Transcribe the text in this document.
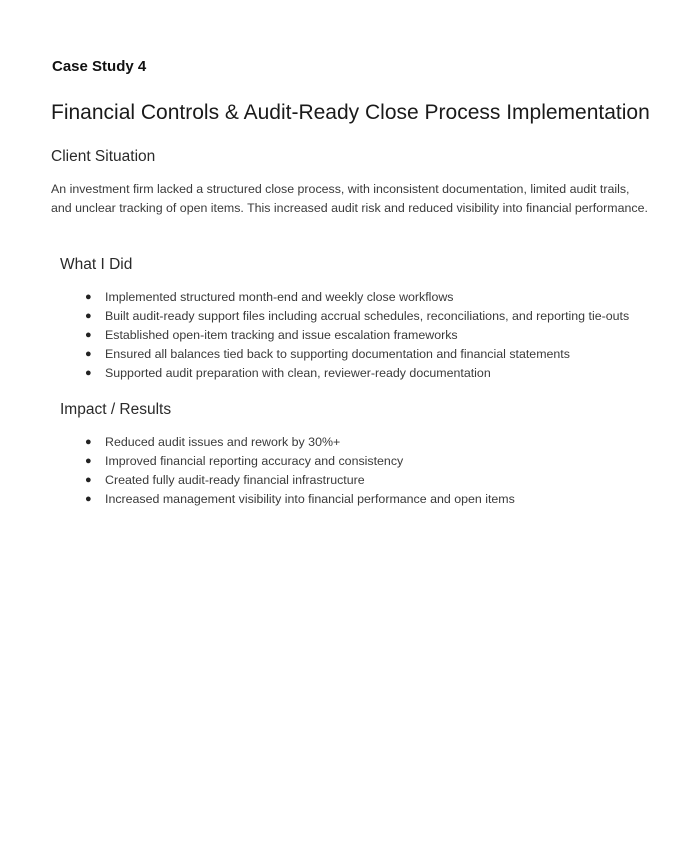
Case Study 4
Financial Controls & Audit-Ready Close Process Implementation
Client Situation

An investment firm lacked a structured close process, with inconsistent documentation, limited audit trails, and unclear tracking of open items. This increased audit risk and reduced visibility into financial performance.

What I Did
● Implemented structured month-end and weekly close workflows
● Built audit-ready support files including accrual schedules, reconciliations, and reporting tie-outs
● Established open-item tracking and issue escalation frameworks
● Ensured all balances tied back to supporting documentation and financial statements
● Supported audit preparation with clean, reviewer-ready documentation
Impact / Results
● Reduced audit issues and rework by 30%+
● Improved financial reporting accuracy and consistency
● Created fully audit-ready financial infrastructure
● Increased management visibility into financial performance and open items
